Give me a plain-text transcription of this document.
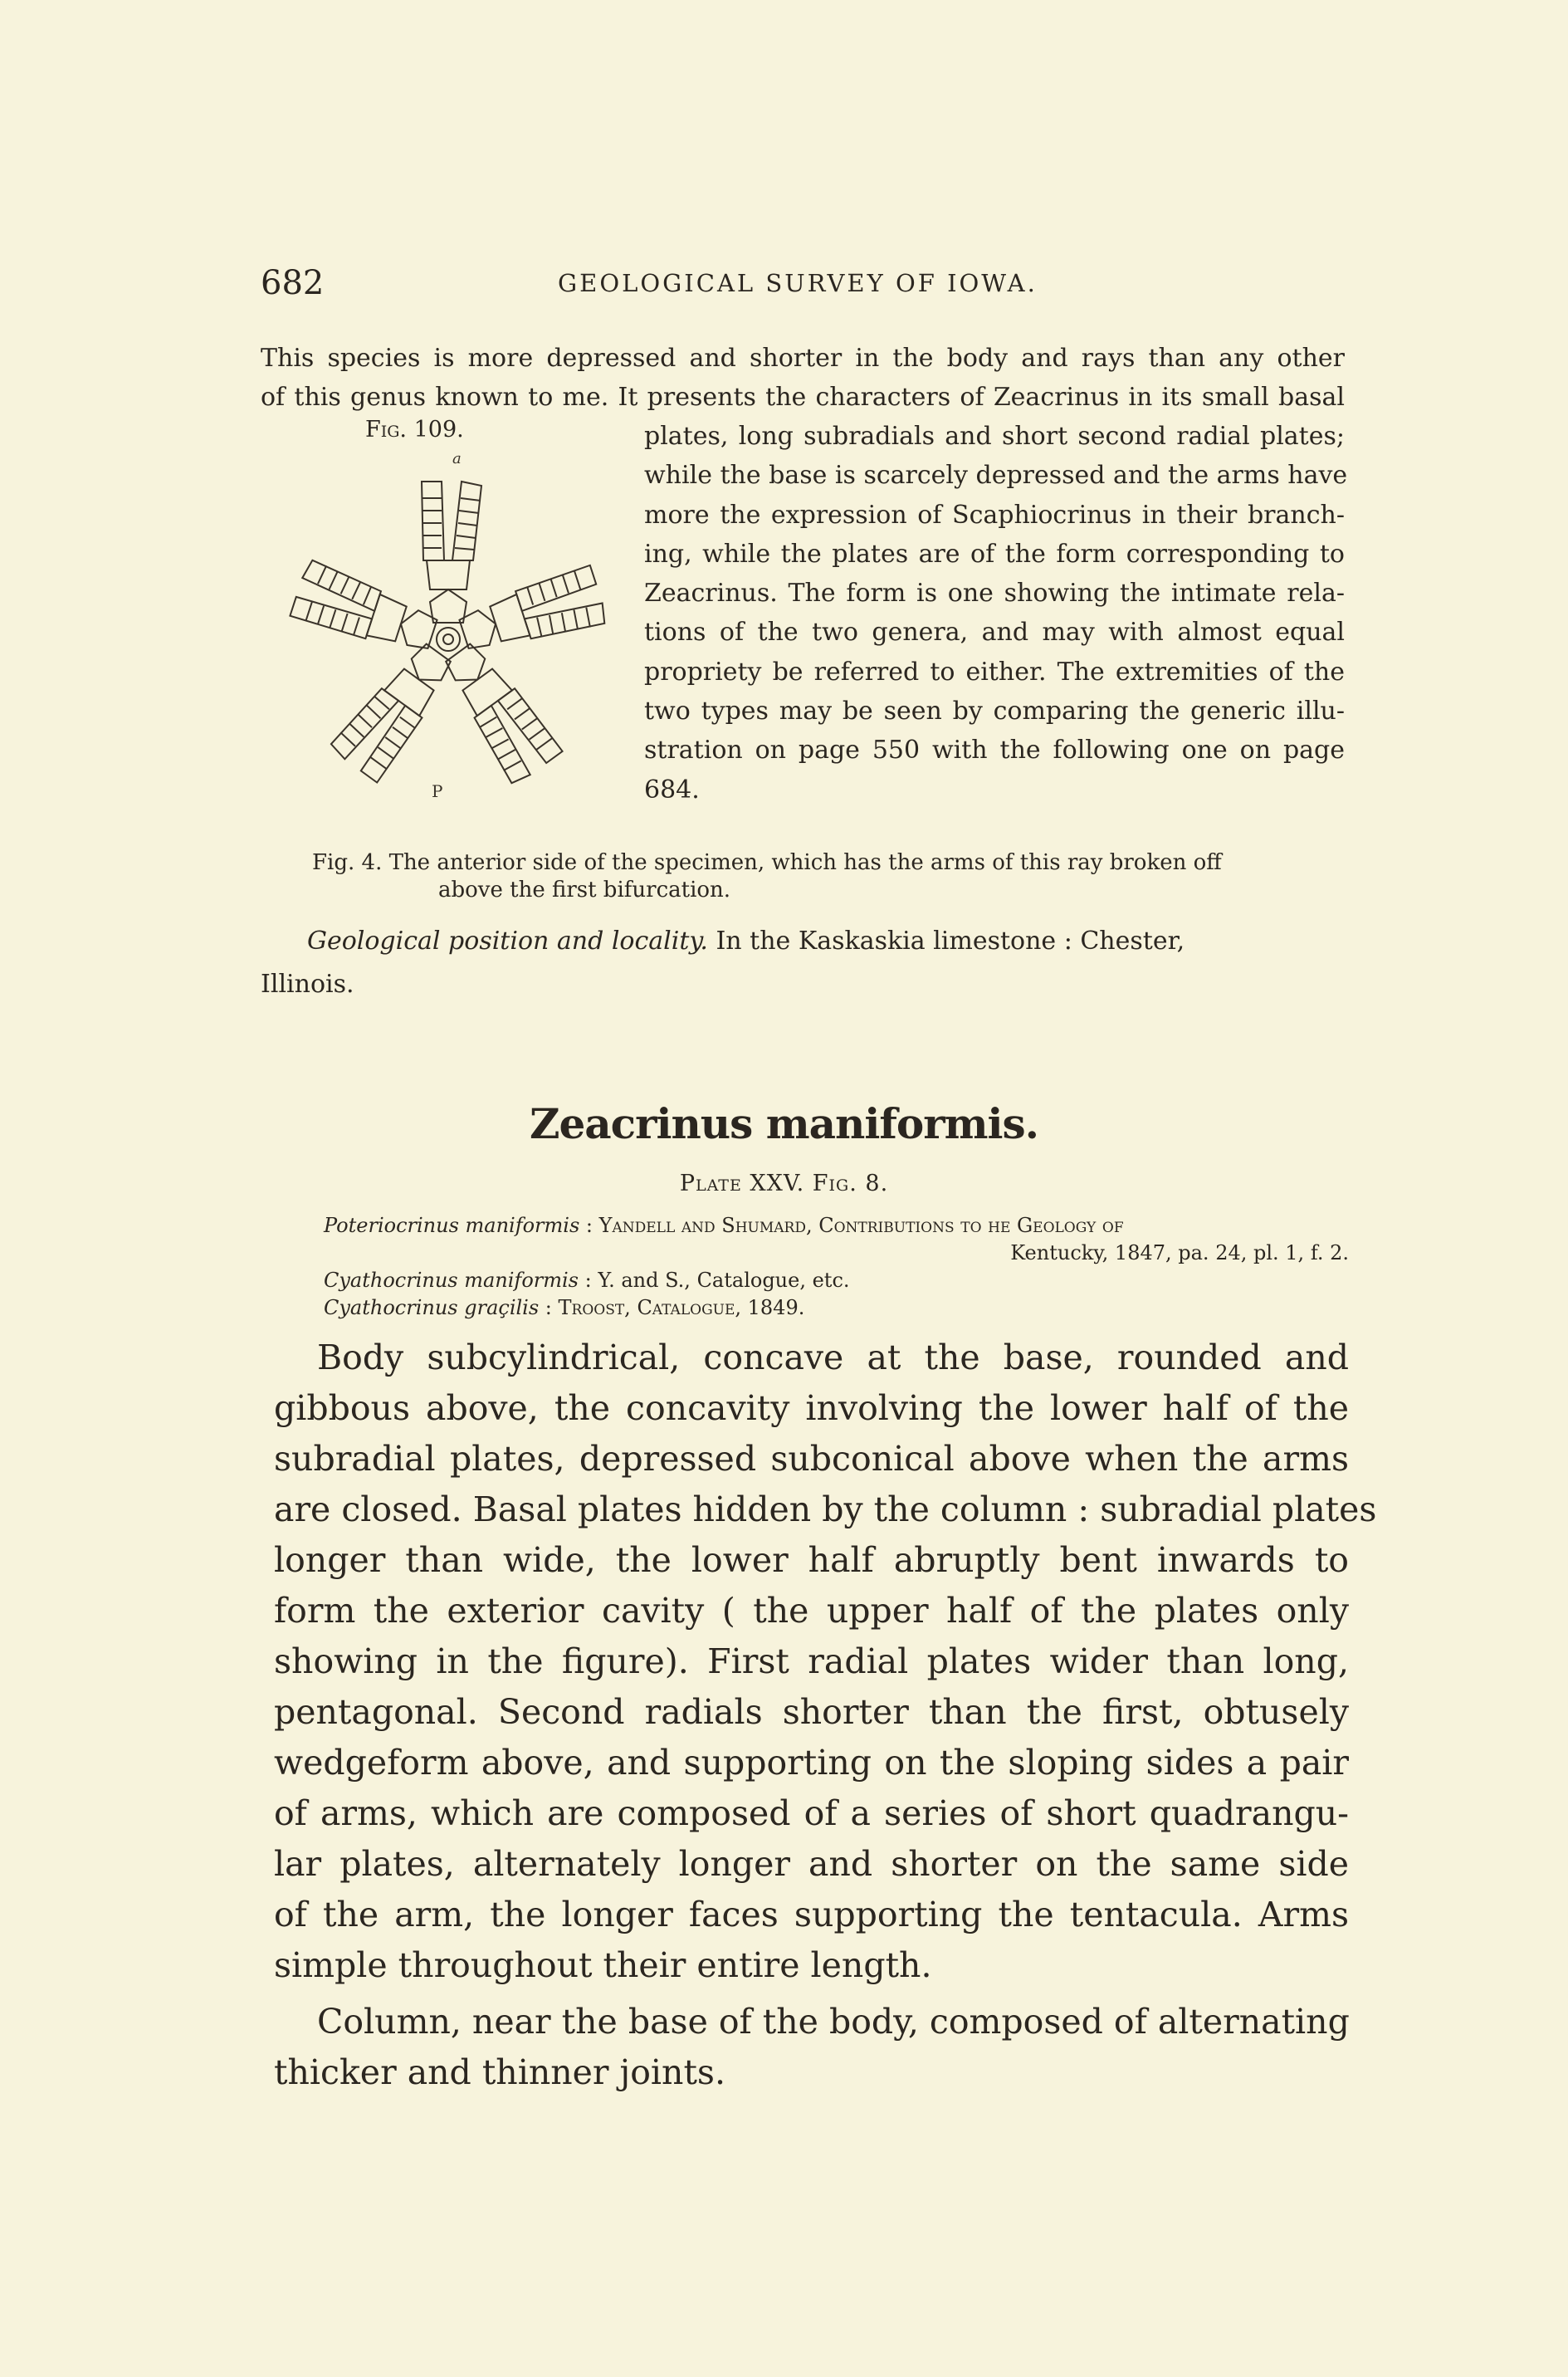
682	GEOLOGICAL SURVEY OF IOWA.
This species is more depressed and shorter in the body and rays than any other
of this genus known to me. It presents the characters of Zeacrinus in its small basal
Fig. 109.
a
P
plates, long subradials and short second radial plates;
while the base is scarcely depressed and the arms have
more the expression of Scaphiocrinus in their branch-
ing, while the plates are of the form corresponding to
Zeacrinus. The form is one showing the intimate rela-
tions of the two genera, and may with almost equal
propriety be referred to either. The extremities of the
two types may be seen by comparing the generic illu-
stration on page 550 with the following one on page
684.
Fig. 4. The anterior side of the specimen, which has the arms of this ray broken off
above the first bifurcation.
Geological position and locality. In the Kaskaskia limestone : Chester,
Illinois.
Zeacrinus maniformis.
Plate XXV. Fig. 8.
Poteriocrinus maniformis : Yandell and Shumard, Contributions to he Geology of
Kentucky, 1847, pa. 24, pl. 1, f. 2.
Cyathocrinus maniformis : Y. and S., Catalogue, etc.
Cyathocrinus graçilis : Troost, Catalogue, 1849.
Body subcylindrical, concave at the base, rounded and
gibbous above, the concavity involving the lower half of the
subradial plates, depressed subconical above when the arms
are closed. Basal plates hidden by the column : subradial plates
longer than wide, the lower half abruptly bent inwards to
form the exterior cavity ( the upper half of the plates only
showing in the figure). First radial plates wider than long,
pentagonal. Second radials shorter than the first, obtusely
wedgeform above, and supporting on the sloping sides a pair
of arms, which are composed of a series of short quadrangu-
lar plates, alternately longer and shorter on the same side
of the arm, the longer faces supporting the tentacula. Arms
simple throughout their entire length.
Column, near the base of the body, composed of alternating
thicker and thinner joints.
